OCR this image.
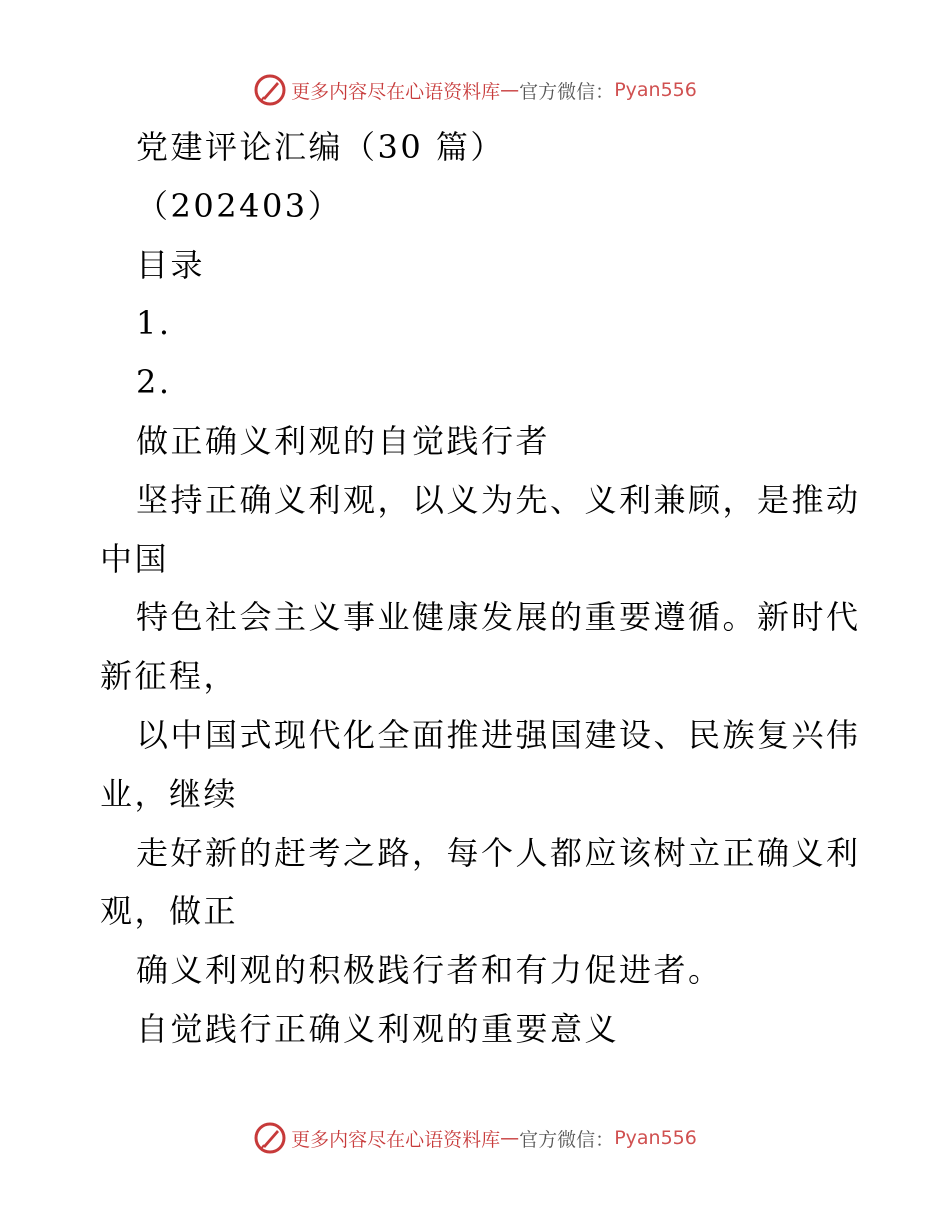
更多内容尽在心语资料库 — 官方微信： Pyan556
党建评论汇编（30 篇）
（202403）
目录
1.
2.
做正确义利观的自觉践行者
坚持正确义利观，以义为先、义利兼顾，是推动
中国
特色社会主义事业健康发展的重要遵循。新时代
新征程，
以中国式现代化全面推进强国建设、民族复兴伟
业，继续
走好新的赶考之路，每个人都应该树立正确义利
观，做正
确义利观的积极践行者和有力促进者。
自觉践行正确义利观的重要意义
更多内容尽在心语资料库 — 官方微信： Pyan556
